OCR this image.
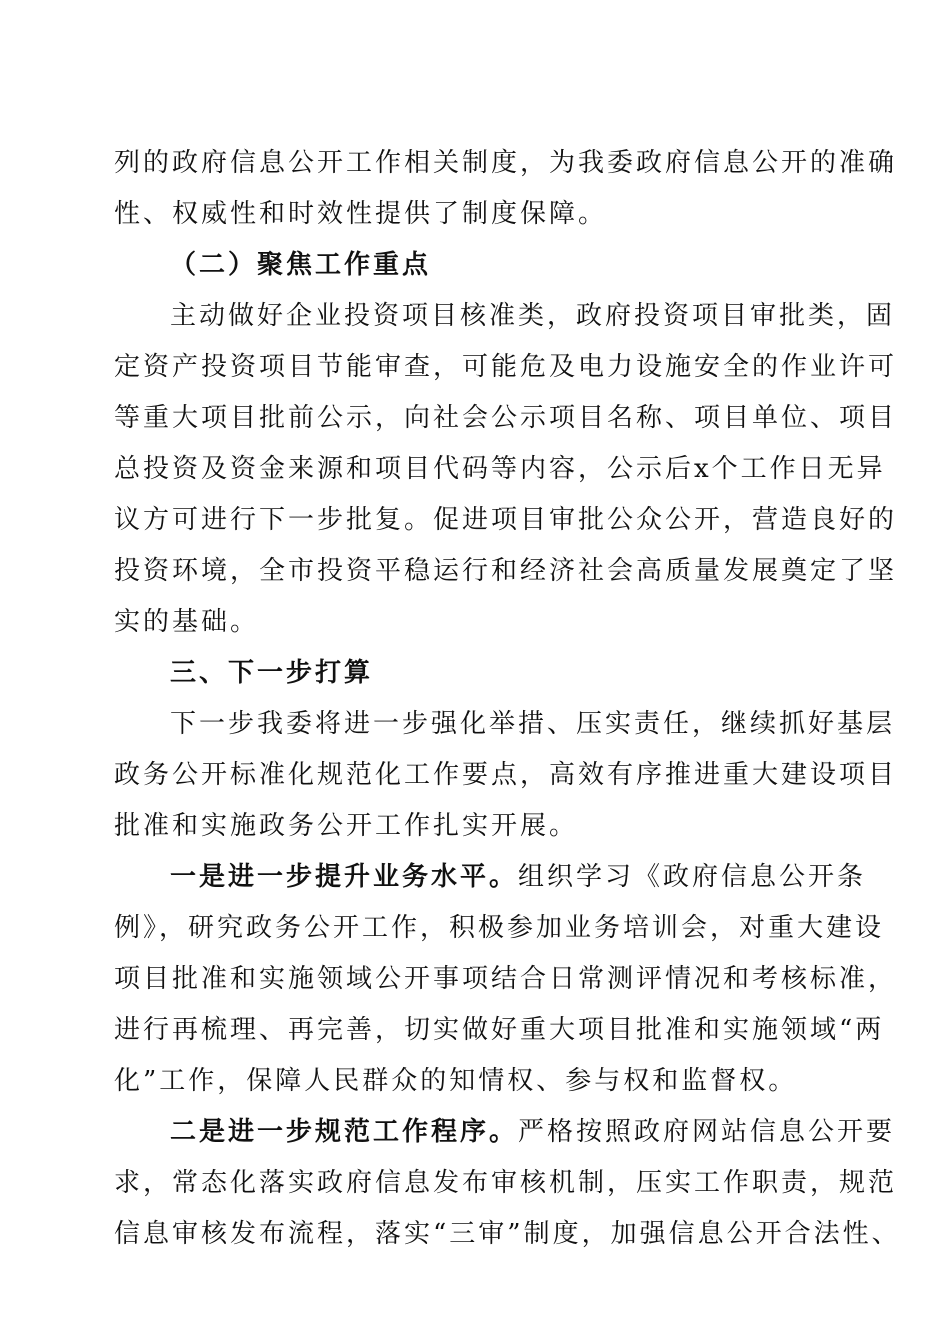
列的政府信息公开工作相关制度，为我委政府信息公开的准确
性、权威性和时效性提供了制度保障。
（二）聚焦工作重点
主动做好企业投资项目核准类，政府投资项目审批类，固
定资产投资项目节能审查，可能危及电力设施安全的作业许可
等重大项目批前公示，向社会公示项目名称、项目单位、项目
总投资及资金来源和项目代码等内容，公示后x个工作日无异
议方可进行下一步批复。促进项目审批公众公开，营造良好的
投资环境，全市投资平稳运行和经济社会高质量发展奠定了坚
实的基础。
三、下一步打算
下一步我委将进一步强化举措、压实责任，继续抓好基层
政务公开标准化规范化工作要点，高效有序推进重大建设项目
批准和实施政务公开工作扎实开展。
一是进一步提升业务水平。组织学习《政府信息公开条
例》，研究政务公开工作，积极参加业务培训会，对重大建设
项目批准和实施领域公开事项结合日常测评情况和考核标准，
进行再梳理、再完善，切实做好重大项目批准和实施领域“两
化”工作，保障人民群众的知情权、参与权和监督权。
二是进一步规范工作程序。严格按照政府网站信息公开要
求，常态化落实政府信息发布审核机制，压实工作职责，规范
信息审核发布流程，落实“三审”制度，加强信息公开合法性、
